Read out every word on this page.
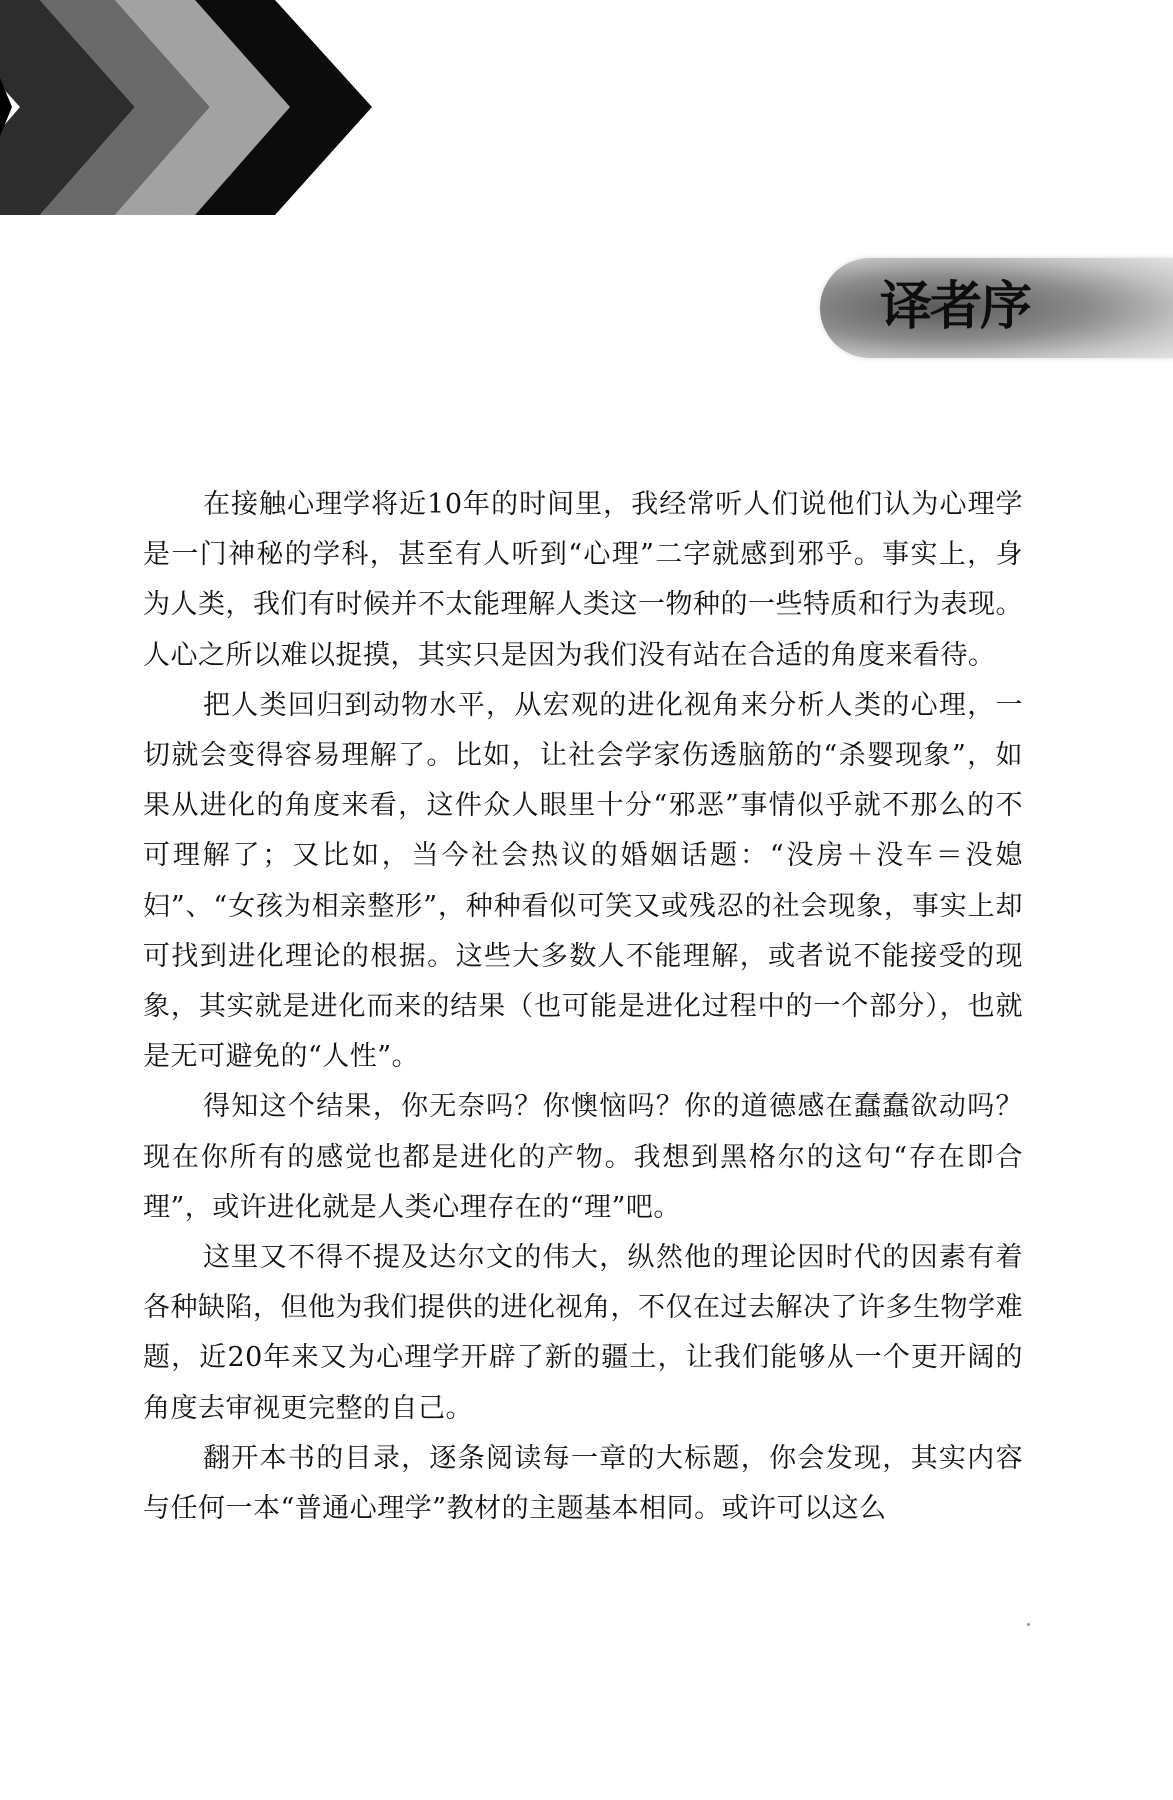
译者序

在接触心理学将近10年的时间里，我经常听人们说他们认为心理学是一门神秘的学科，甚至有人听到“心理”二字就感到邪乎。事实上，身为人类，我们有时候并不太能理解人类这一物种的一些特质和行为表现。人心之所以难以捉摸，其实只是因为我们没有站在合适的角度来看待。

把人类回归到动物水平，从宏观的进化视角来分析人类的心理，一切就会变得容易理解了。比如，让社会学家伤透脑筋的“杀婴现象”，如果从进化的角度来看，这件众人眼里十分“邪恶”事情似乎就不那么的不可理解了；又比如，当今社会热议的婚姻话题：“没房＋没车＝没媳妇”、“女孩为相亲整形”，种种看似可笑又或残忍的社会现象，事实上却可找到进化理论的根据。这些大多数人不能理解，或者说不能接受的现象，其实就是进化而来的结果（也可能是进化过程中的一个部分），也就是无可避免的“人性”。

得知这个结果，你无奈吗？你懊恼吗？你的道德感在蠢蠢欲动吗？现在你所有的感觉也都是进化的产物。我想到黑格尔的这句“存在即合理”，或许进化就是人类心理存在的“理”吧。

这里又不得不提及达尔文的伟大，纵然他的理论因时代的因素有着各种缺陷，但他为我们提供的进化视角，不仅在过去解决了许多生物学难题，近20年来又为心理学开辟了新的疆土，让我们能够从一个更开阔的角度去审视更完整的自己。

翻开本书的目录，逐条阅读每一章的大标题，你会发现，其实内容与任何一本“普通心理学”教材的主题基本相同。或许可以这么
